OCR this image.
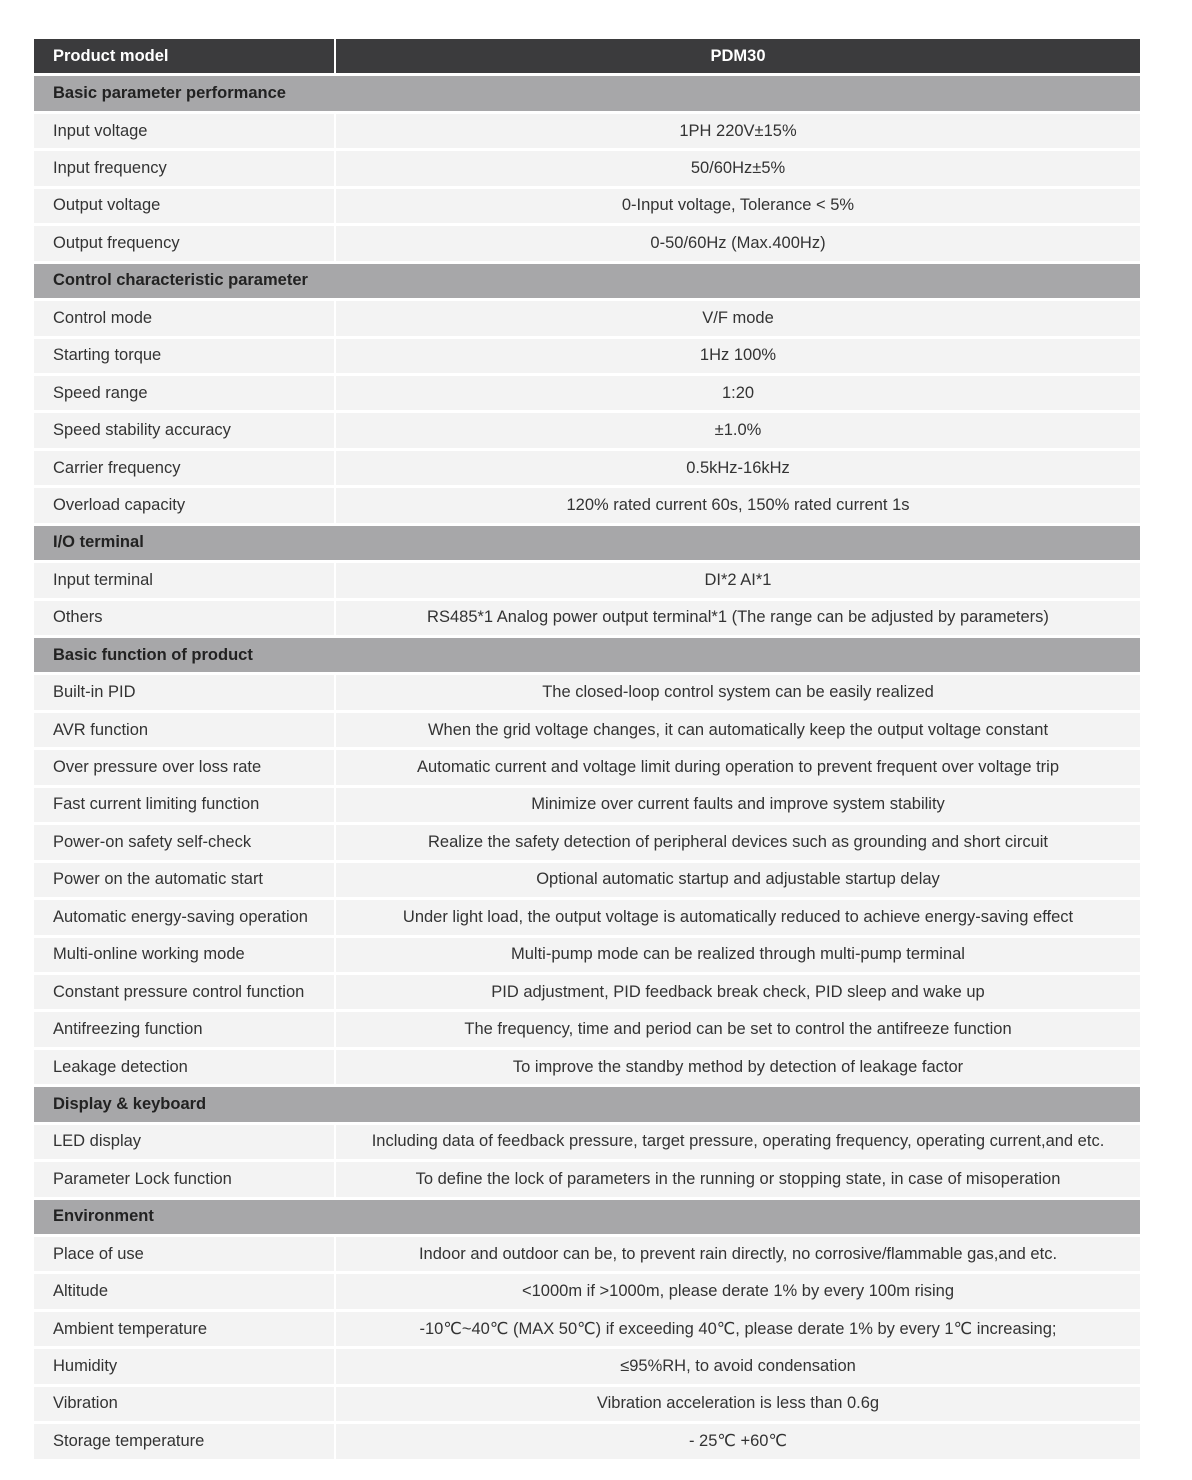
Product model	PDM30
Basic parameter performance	
Input voltage	1PH 220V±15%
Input frequency	50/60Hz±5%
Output voltage	0-Input voltage, Tolerance < 5%
Output frequency	0-50/60Hz (Max.400Hz)
Control characteristic parameter	
Control mode	V/F mode
Starting torque	1Hz 100%
Speed range	1:20
Speed stability accuracy	±1.0%
Carrier frequency	0.5kHz-16kHz
Overload capacity	120% rated current 60s, 150% rated current 1s
I/O terminal	
Input terminal	DI*2 AI*1
Others	RS485*1 Analog power output terminal*1 (The range can be adjusted by parameters)
Basic function of product	
Built-in PID	The closed-loop control system can be easily realized
AVR function	When the grid voltage changes, it can automatically keep the output voltage constant
Over pressure over loss rate	Automatic current and voltage limit during operation to prevent frequent over voltage trip
Fast current limiting function	Minimize over current faults and improve system stability
Power-on safety self-check	Realize the safety detection of peripheral devices such as grounding and short circuit
Power on the automatic start	Optional automatic startup and adjustable startup delay
Automatic energy-saving operation	Under light load, the output voltage is automatically reduced to achieve energy-saving effect
Multi-online working mode	Multi-pump mode can be realized through multi-pump terminal
Constant pressure control function	PID adjustment, PID feedback break check, PID sleep and wake up
Antifreezing function	The frequency, time and period can be set to control the antifreeze function
Leakage detection	To improve the standby method by detection of leakage factor
Display & keyboard	
LED display	Including data of feedback pressure, target pressure, operating frequency, operating current,and etc.
Parameter Lock function	To define the lock of parameters in the running or stopping state, in case of misoperation
Environment	
Place of use	Indoor and outdoor can be, to prevent rain directly, no corrosive/flammable gas,and etc.
Altitude	<1000m if >1000m, please derate 1% by every 100m rising
Ambient temperature	-10℃~40℃ (MAX 50℃) if exceeding 40℃, please derate 1% by every 1℃ increasing;
Humidity	≤95%RH, to avoid condensation
Vibration	Vibration acceleration is less than 0.6g
Storage temperature	- 25℃ +60℃
